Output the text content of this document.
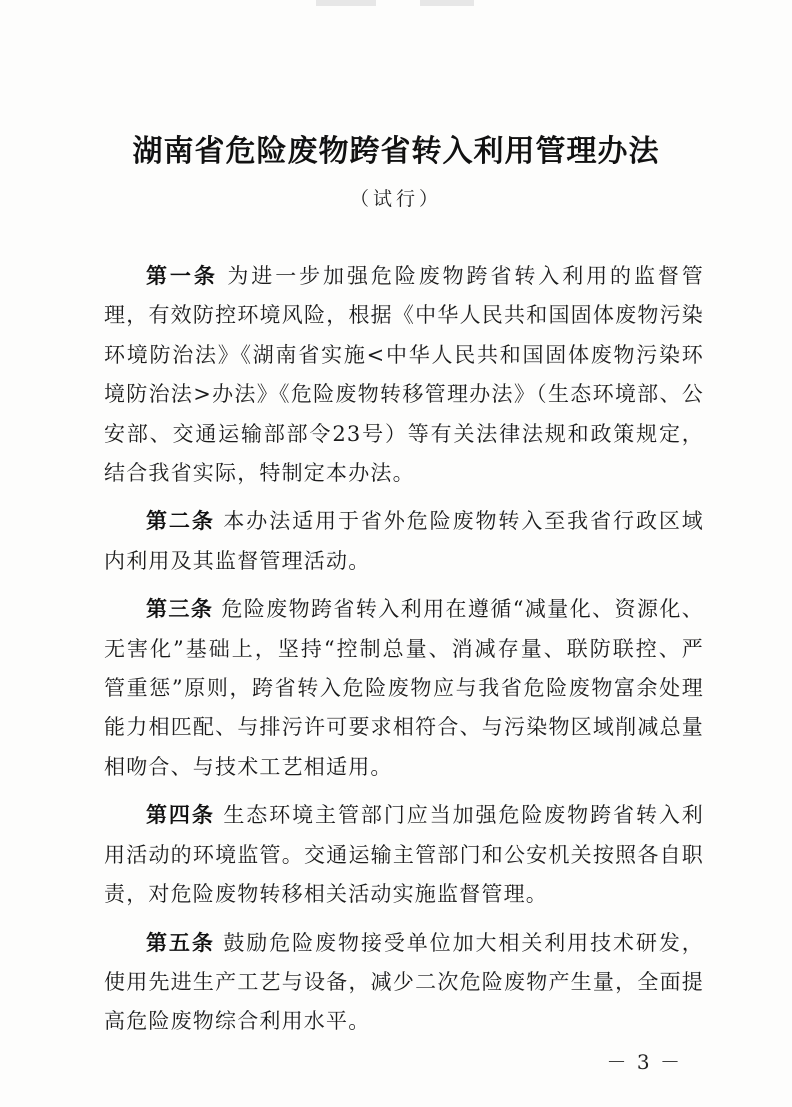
湖南省危险废物跨省转入利用管理办法
（试行）

第一条 为进一步加强危险废物跨省转入利用的监督管理，有效防控环境风险，根据《中华人民共和国固体废物污染环境防治法》《湖南省实施<中华人民共和国固体废物污染环境防治法>办法》《危险废物转移管理办法》（生态环境部、公安部、交通运输部部令23号）等有关法律法规和政策规定，结合我省实际，特制定本办法。

第二条 本办法适用于省外危险废物转入至我省行政区域内利用及其监督管理活动。

第三条 危险废物跨省转入利用在遵循“减量化、资源化、无害化”基础上，坚持“控制总量、消减存量、联防联控、严管重惩”原则，跨省转入危险废物应与我省危险废物富余处理能力相匹配、与排污许可要求相符合、与污染物区域削减总量相吻合、与技术工艺相适用。

第四条 生态环境主管部门应当加强危险废物跨省转入利用活动的环境监管。交通运输主管部门和公安机关按照各自职责，对危险废物转移相关活动实施监督管理。

第五条 鼓励危险废物接受单位加大相关利用技术研发，使用先进生产工艺与设备，减少二次危险废物产生量，全面提高危险废物综合利用水平。

－ 3 －
